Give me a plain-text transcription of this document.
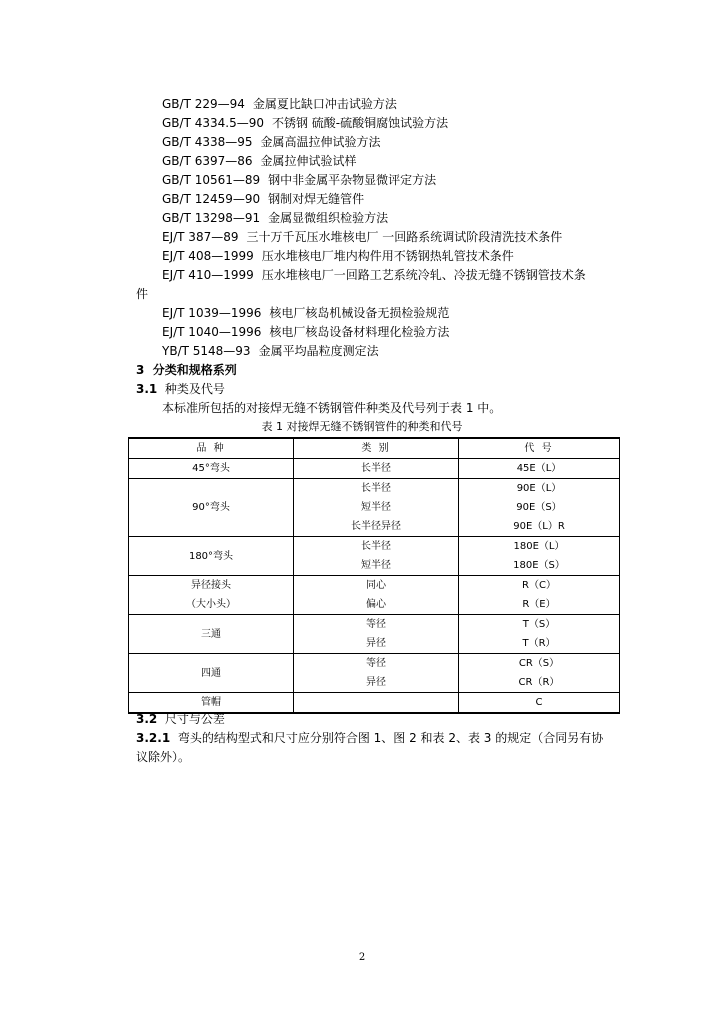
GB/T 229—94 金属夏比缺口冲击试验方法
GB/T 4334.5—90 不锈钢 硫酸-硫酸铜腐蚀试验方法
GB/T 4338—95 金属高温拉伸试验方法
GB/T 6397—86 金属拉伸试验试样
GB/T 10561—89 钢中非金属平杂物显微评定方法
GB/T 12459—90 钢制对焊无缝管件
GB/T 13298—91 金属显微组织检验方法
EJ/T 387—89 三十万千瓦压水堆核电厂 一回路系统调试阶段清洗技术条件
EJ/T 408—1999 压水堆核电厂堆内构件用不锈钢热轧管技术条件
EJ/T 410—1999 压水堆核电厂一回路工艺系统冷轧、冷拔无缝不锈钢管技术条
件
EJ/T 1039—1996 核电厂核岛机械设备无损检验规范
EJ/T 1040—1996 核电厂核岛设备材料理化检验方法
YB/T 5148—93 金属平均晶粒度测定法
3 分类和规格系列
3.1 种类及代号
本标准所包括的对接焊无缝不锈钢管件种类及代号列于表 1 中。
表 1 对接焊无缝不锈钢管件的种类和代号
品 种	类 别	代 号
45°弯头	长半径	45E（L）
90°弯头	长半径	90E（L）
	短半径	90E（S）
	长半径异径	90E（L）R
180°弯头	长半径	180E（L）
	短半径	180E（S）
异径接头	同心	R（C）
（大小头）	偏心	R（E）
三通	等径	T（S）
	异径	T（R）
四通	等径	CR（S）
	异径	CR（R）
管帽		C
3.2 尺寸与公差
3.2.1 弯头的结构型式和尺寸应分别符合图 1、图 2 和表 2、表 3 的规定（合同另有协
议除外）。
2
